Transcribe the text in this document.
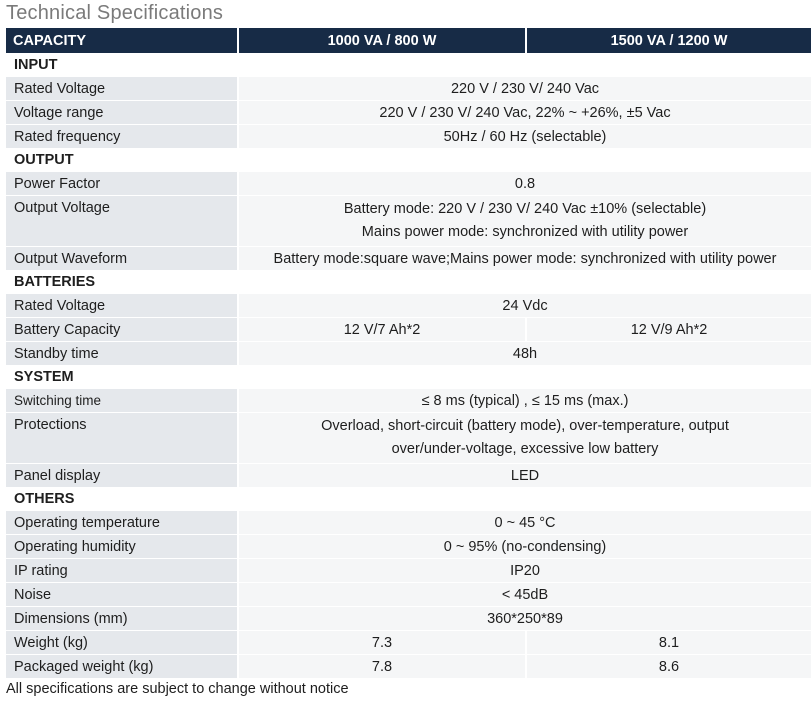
Technical Specifications
CAPACITY	1000 VA / 800 W	1500 VA / 1200 W
INPUT		
Rated Voltage	220 V / 230 V/ 240 Vac	
Voltage range	220 V / 230 V/ 240 Vac, 22% ~ +26%, ±5 Vac	
Rated frequency	50Hz / 60 Hz (selectable)	
OUTPUT		
Power Factor	0.8	
Output Voltage	Battery mode: 220 V / 230 V/ 240 Vac ±10% (selectable)
Mains power mode: synchronized with utility power	

Output Waveform	Battery mode:square wave;Mains power mode: synchronized with utility power	
BATTERIES		
Rated Voltage	24 Vdc	
Battery Capacity	12 V/7 Ah*2	12 V/9 Ah*2
Standby time	48h	
SYSTEM		
Switching time	≤ 8 ms (typical) , ≤ 15 ms (max.)	
Protections	Overload, short-circuit (battery mode), over-temperature, output
over/under-voltage, excessive low battery	

Panel display	LED	
OTHERS		
Operating temperature	0 ~ 45 °C	
Operating humidity	0 ~ 95% (no-condensing)	
IP rating	IP20	
Noise	< 45dB	
Dimensions (mm)	360*250*89	
Weight (kg)	7.3	8.1
Packaged weight (kg)	7.8	8.6
All specifications are subject to change without notice
